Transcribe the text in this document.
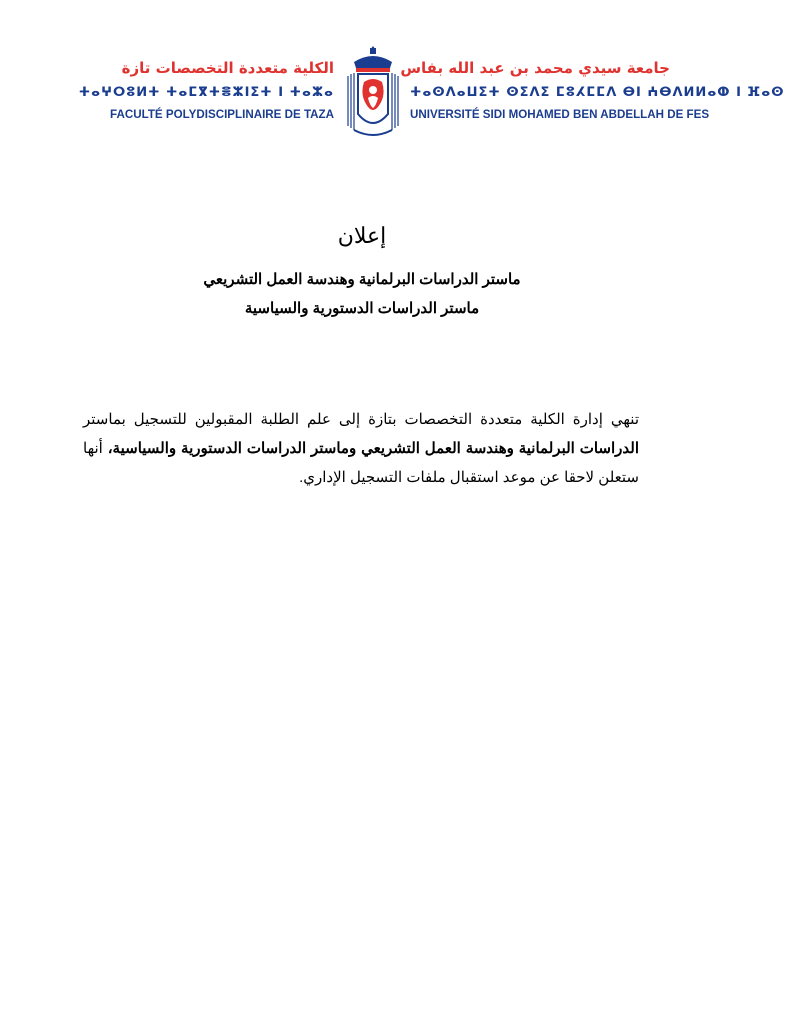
جامعة سيدي محمد بن عبد الله بفاس
ⵜⴰⵙⴷⴰⵡⵉⵜ ⵙⵉⴷⵉ ⵎⵓⵃⵎⵎⴷ ⴱⵏ ⵄⴱⴷⵍⵍⴰⵀ ⵏ ⴼⴰⵙ
UNIVERSITÉ SIDI MOHAMED BEN ABDELLAH DE FES
الكلية متعددة التخصصات تازة
ⵜⴰⵖⵔⵓⵍⵜ ⵜⴰⵎⴳⵜⴻⵣⵏⵉⵜ ⵏ ⵜⴰⵣⴰ
FACULTÉ POLYDISCIPLINAIRE DE TAZA
إعلان
ماستر الدراسات البرلمانية وهندسة العمل التشريعي
ماستر الدراسات الدستورية والسياسية
تنهي إدارة الكلية متعددة التخصصات بتازة إلى علم الطلبة المقبولين للتسجيل بماستر الدراسات البرلمانية وهندسة العمل التشريعي وماستر الدراسات الدستورية والسياسية، أنها ستعلن لاحقا عن موعد استقبال ملفات التسجيل الإداري.
